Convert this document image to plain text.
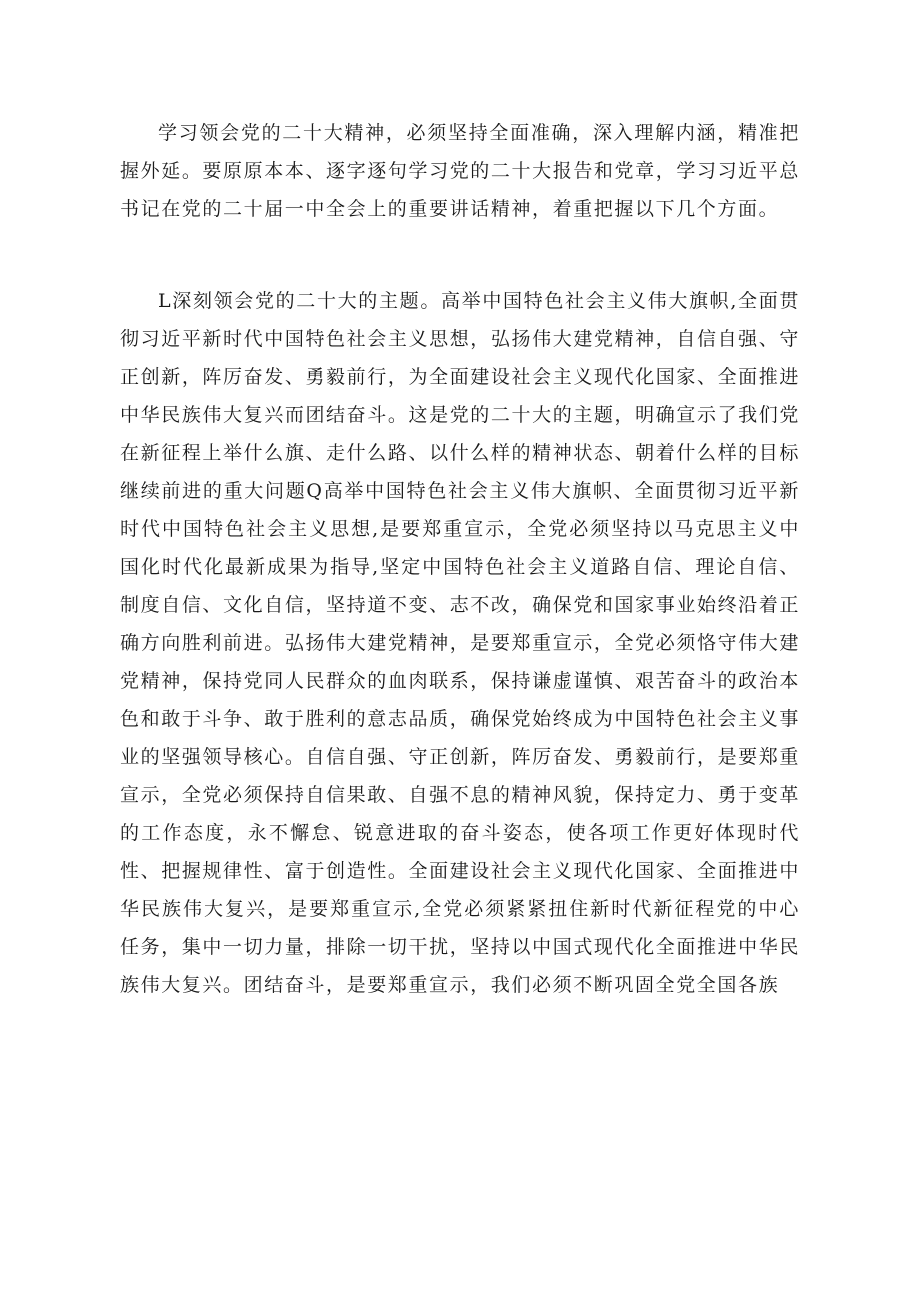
学习领会党的二十大精神，必须坚持全面准确，深入理解内涵，精准把握外延。要原原本本、逐字逐句学习党的二十大报告和党章，学习习近平总书记在党的二十届一中全会上的重要讲话精神，着重把握以下几个方面。

L深刻领会党的二十大的主题。高举中国特色社会主义伟大旗帜,全面贯彻习近平新时代中国特色社会主义思想，弘扬伟大建党精神，自信自强、守正创新，阵厉奋发、勇毅前行，为全面建设社会主义现代化国家、全面推进中华民族伟大复兴而团结奋斗。这是党的二十大的主题，明确宣示了我们党在新征程上举什么旗、走什么路、以什么样的精神状态、朝着什么样的目标继续前进的重大问题Q高举中国特色社会主义伟大旗帜、全面贯彻习近平新时代中国特色社会主义思想,是要郑重宣示，全党必须坚持以马克思主义中国化时代化最新成果为指导,坚定中国特色社会主义道路自信、理论自信、制度自信、文化自信，坚持道不变、志不改，确保党和国家事业始终沿着正确方向胜利前进。弘扬伟大建党精神，是要郑重宣示，全党必须恪守伟大建党精神，保持党同人民群众的血肉联系，保持谦虚谨慎、艰苦奋斗的政治本色和敢于斗争、敢于胜利的意志品质，确保党始终成为中国特色社会主义事业的坚强领导核心。自信自强、守正创新，阵厉奋发、勇毅前行，是要郑重宣示，全党必须保持自信果敢、自强不息的精神风貌，保持定力、勇于变革的工作态度，永不懈怠、锐意进取的奋斗姿态，使各项工作更好体现时代性、把握规律性、富于创造性。全面建设社会主义现代化国家、全面推进中华民族伟大复兴，是要郑重宣示,全党必须紧紧扭住新时代新征程党的中心任务，集中一切力量，排除一切干扰，坚持以中国式现代化全面推进中华民族伟大复兴。团结奋斗，是要郑重宣示，我们必须不断巩固全党全国各族
